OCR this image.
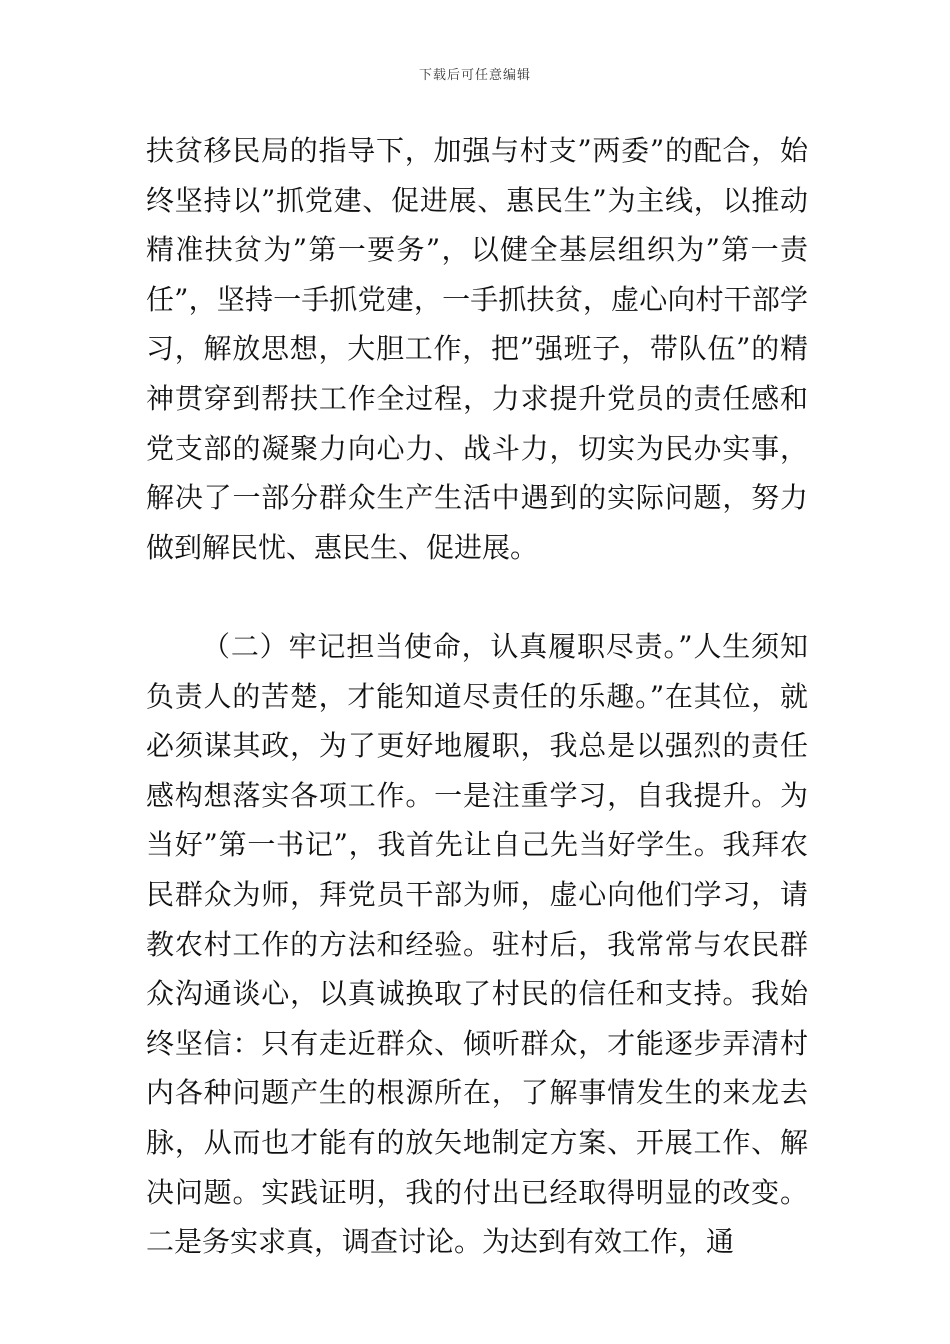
下载后可任意编辑

扶贫移民局的指导下，加强与村支”两委”的配合，始终坚持以”抓党建、促进展、惠民生”为主线，以推动精准扶贫为”第一要务”，以健全基层组织为”第一责任”，坚持一手抓党建，一手抓扶贫，虚心向村干部学习，解放思想，大胆工作，把”强班子，带队伍”的精神贯穿到帮扶工作全过程，力求提升党员的责任感和党支部的凝聚力向心力、战斗力，切实为民办实事，解决了一部分群众生产生活中遇到的实际问题，努力做到解民忧、惠民生、促进展。

（二）牢记担当使命，认真履职尽责。”人生须知负责人的苦楚，才能知道尽责任的乐趣。”在其位，就必须谋其政，为了更好地履职，我总是以强烈的责任感构想落实各项工作。一是注重学习，自我提升。为当好”第一书记”，我首先让自己先当好学生。我拜农民群众为师，拜党员干部为师，虚心向他们学习，请教农村工作的方法和经验。驻村后，我常常与农民群众沟通谈心，以真诚换取了村民的信任和支持。我始终坚信：只有走近群众、倾听群众，才能逐步弄清村内各种问题产生的根源所在，了解事情发生的来龙去脉，从而也才能有的放矢地制定方案、开展工作、解决问题。实践证明，我的付出已经取得明显的改变。二是务实求真，调查讨论。为达到有效工作，通
